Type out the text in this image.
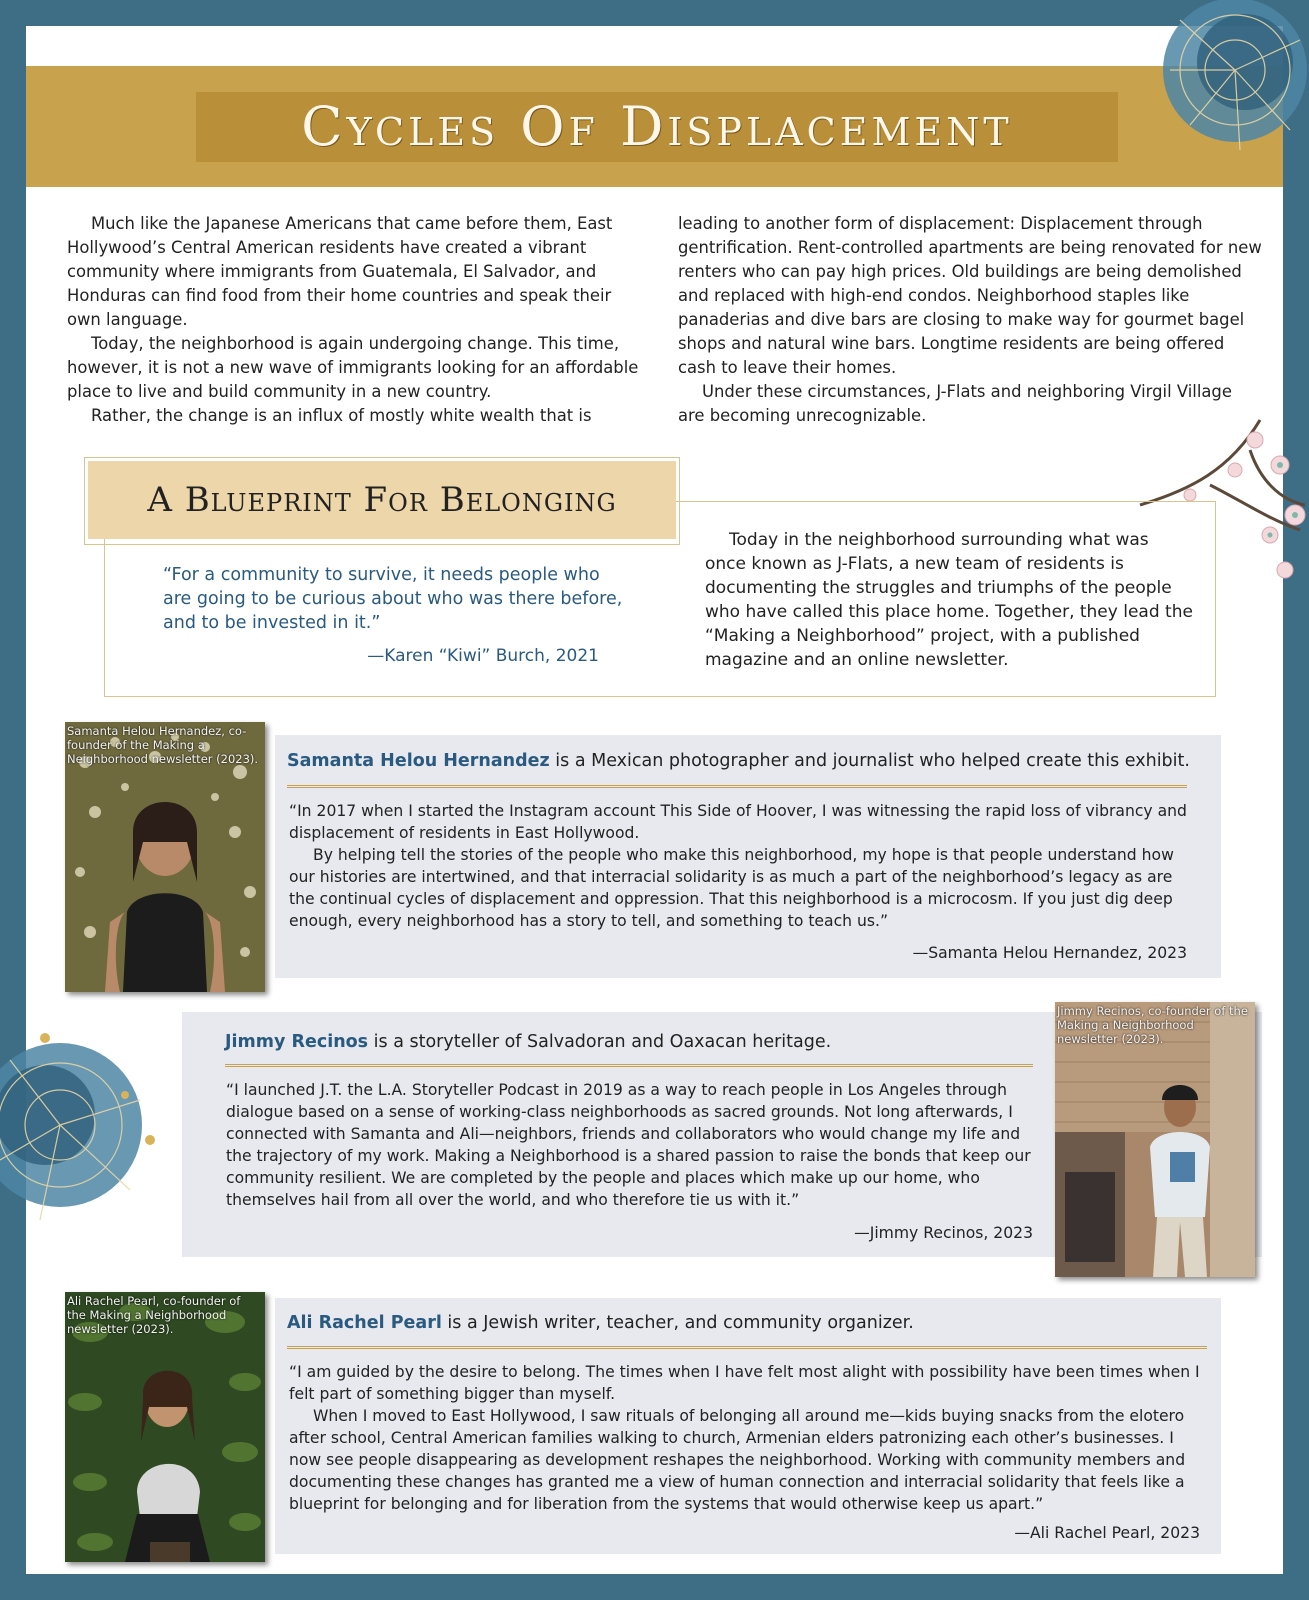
Cycles Of Displacement

Much like the Japanese Americans that came before them, East Hollywood’s Central American residents have created a vibrant community where immigrants from Guatemala, El Salvador, and Honduras can find food from their home countries and speak their own language.

Today, the neighborhood is again undergoing change. This time, however, it is not a new wave of immigrants looking for an affordable place to live and build community in a new country.

Rather, the change is an influx of mostly white wealth that is

leading to another form of displacement: Displacement through gentrification. Rent-controlled apartments are being renovated for new renters who can pay high prices. Old buildings are being demolished and replaced with high-end condos. Neighborhood staples like panaderias and dive bars are closing to make way for gourmet bagel shops and natural wine bars. Longtime residents are being offered cash to leave their homes.

Under these circumstances, J-Flats and neighboring Virgil Village are becoming unrecognizable.

A Blueprint For Belonging

“For a community to survive, it needs people who are going to be curious about who was there before, and to be invested in it.”

—Karen “Kiwi” Burch, 2021

Today in the neighborhood surrounding what was once known as J-Flats, a new team of residents is documenting the struggles and triumphs of the people who have called this place home. Together, they lead the “Making a Neighborhood” project, with a published magazine and an online newsletter.

Samanta Helou Hernandez, co-founder of the Making a Neighborhood newsletter (2023). Samanta Helou Hernandez is a Mexican photographer and journalist who helped create this exhibit.

“In 2017 when I started the Instagram account This Side of Hoover, I was witnessing the rapid loss of vibrancy and displacement of residents in East Hollywood.

By helping tell the stories of the people who make this neighborhood, my hope is that people understand how our histories are intertwined, and that interracial solidarity is as much a part of the neighborhood’s legacy as are the continual cycles of displacement and oppression. That this neighborhood is a microcosm. If you just dig deep enough, every neighborhood has a story to tell, and something to teach us.”

—Samanta Helou Hernandez, 2023
Jimmy Recinos, co-founder of the Making a Neighborhood newsletter (2023).
Jimmy Recinos is a storyteller of Salvadoran and Oaxacan heritage.

“I launched J.T. the L.A. Storyteller Podcast in 2019 as a way to reach people in Los Angeles through dialogue based on a sense of working-class neighborhoods as sacred grounds. Not long afterwards, I connected with Samanta and Ali—neighbors, friends and collaborators who would change my life and the trajectory of my work. Making a Neighborhood is a shared passion to raise the bonds that keep our community resilient. We are completed by the people and places which make up our home, who themselves hail from all over the world, and who therefore tie us with it.”

—Jimmy Recinos, 2023
Ali Rachel Pearl, co-founder of the Making a Neighborhood newsletter (2023).	Ali Rachel Pearl is a Jewish writer, teacher, and community organizer.

“I am guided by the desire to belong. The times when I have felt most alight with possibility have been times when I felt part of something bigger than myself.

When I moved to East Hollywood, I saw rituals of belonging all around me—kids buying snacks from the elotero after school, Central American families walking to church, Armenian elders patronizing each other’s businesses. I now see people disappearing as development reshapes the neighborhood. Working with community members and documenting these changes has granted me a view of human connection and interracial solidarity that feels like a blueprint for belonging and for liberation from the systems that would otherwise keep us apart.”

—Ali Rachel Pearl, 2023
